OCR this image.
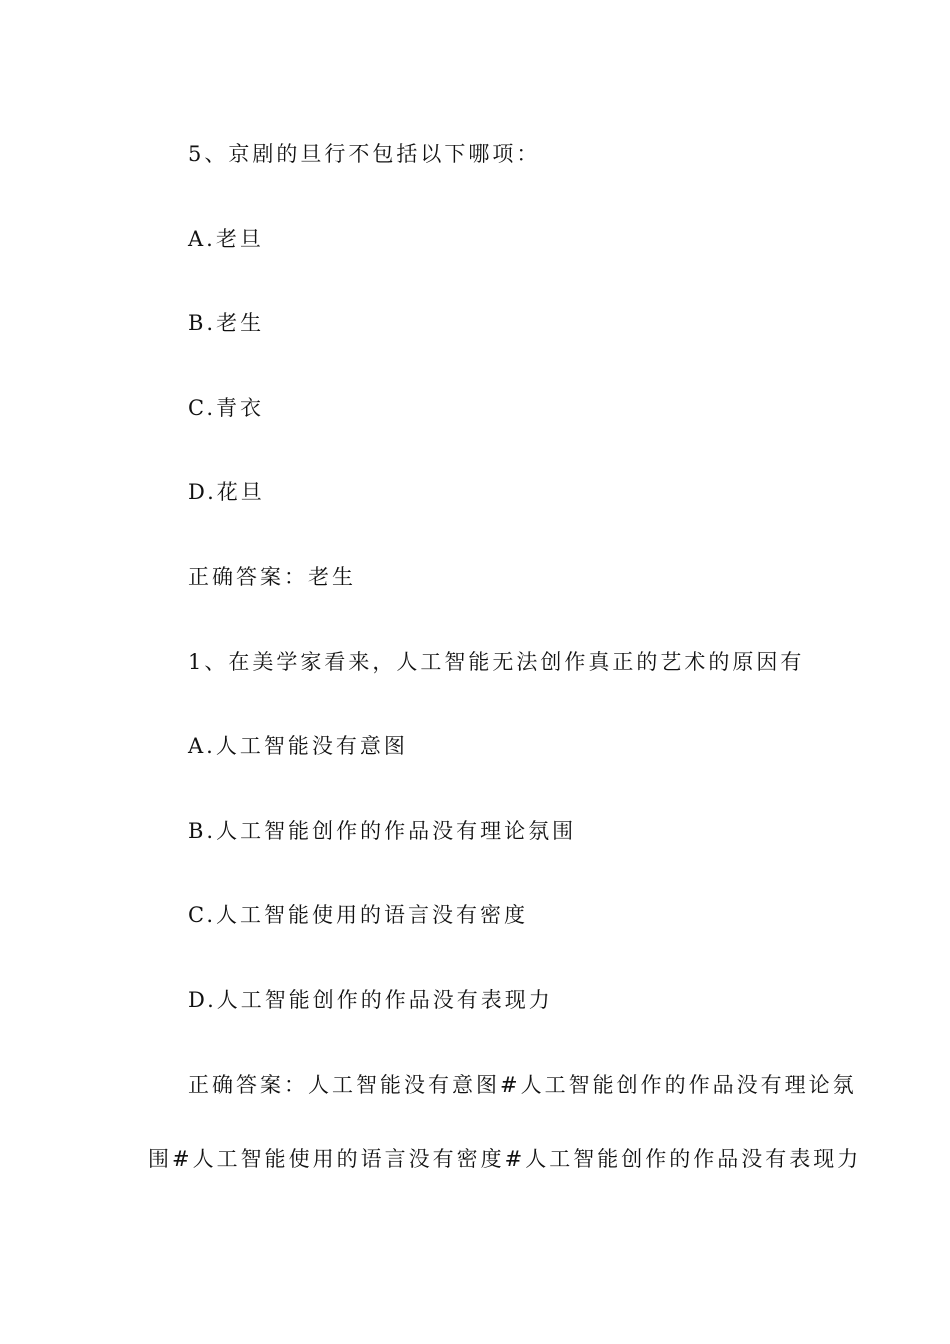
5、京剧的旦行不包括以下哪项：
A.老旦
B.老生
C.青衣
D.花旦
正确答案：老生
1、在美学家看来，人工智能无法创作真正的艺术的原因有
A.人工智能没有意图
B.人工智能创作的作品没有理论氛围
C.人工智能使用的语言没有密度
D.人工智能创作的作品没有表现力
正确答案：人工智能没有意图#人工智能创作的作品没有理论氛
围#人工智能使用的语言没有密度#人工智能创作的作品没有表现力
